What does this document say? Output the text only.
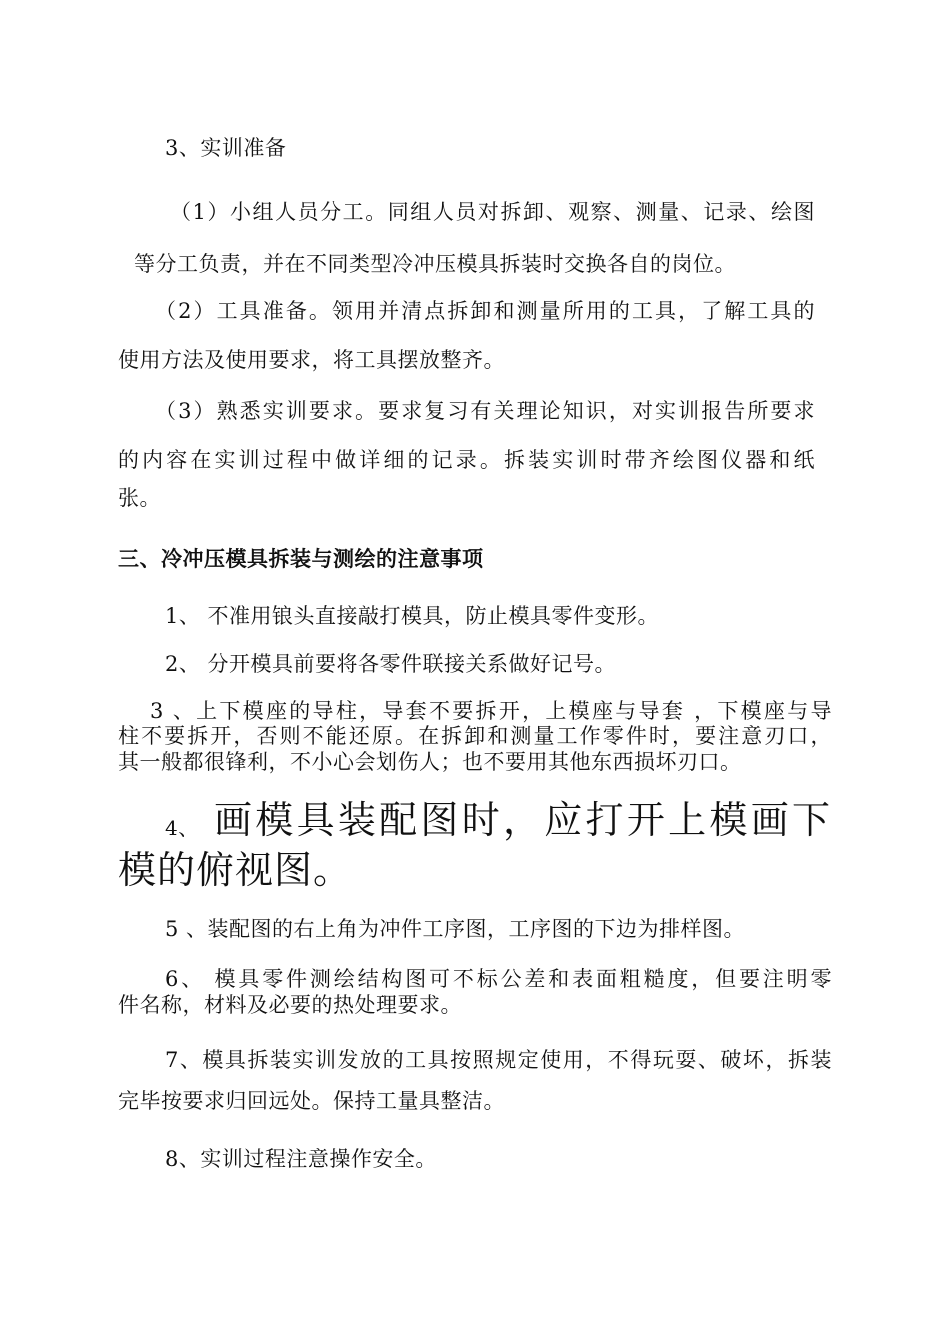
3、实训准备
（1）小组人员分工。同组人员对拆卸、观察、测量、记录、绘图
等分工负责，并在不同类型冷冲压模具拆装时交换各自的岗位。
（2）工具准备。领用并清点拆卸和测量所用的工具，了解工具的
使用方法及使用要求，将工具摆放整齐。
（3）熟悉实训要求。要求复习有关理论知识，对实训报告所要求
的内容在实训过程中做详细的记录。拆装实训时带齐绘图仪器和纸
张。
三、冷冲压模具拆装与测绘的注意事项
1、 不准用锒头直接敲打模具，防止模具零件变形。
2、 分开模具前要将各零件联接关系做好记号。
3 、上下模座的导柱，导套不要拆开，上模座与导套 ，下模座与导
柱不要拆开，否则不能还原。在拆卸和测量工作零件时，要注意刃口，
其一般都很锋利，不小心会划伤人；也不要用其他东西损坏刃口。
4、 画模具装配图时，应打开上模画下
模的俯视图。
5 、装配图的右上角为冲件工序图，工序图的下边为排样图。
6、 模具零件测绘结构图可不标公差和表面粗糙度，但要注明零
件名称，材料及必要的热处理要求。
7、模具拆装实训发放的工具按照规定使用，不得玩耍、破坏，拆装
完毕按要求归回远处。保持工量具整洁。
8、实训过程注意操作安全。
